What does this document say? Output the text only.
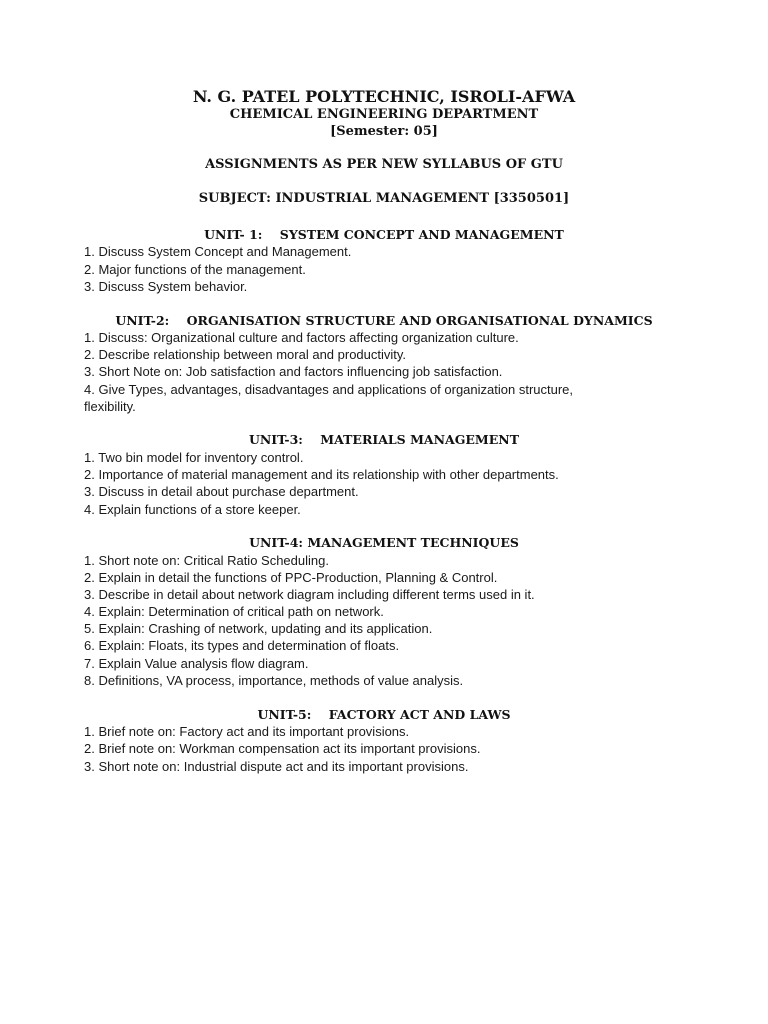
N. G. PATEL POLYTECHNIC, ISROLI-AFWA
CHEMICAL ENGINEERING DEPARTMENT
[Semester: 05]
ASSIGNMENTS AS PER NEW SYLLABUS OF GTU
SUBJECT: INDUSTRIAL MANAGEMENT [3350501]
UNIT- 1:    SYSTEM CONCEPT AND MANAGEMENT
1. Discuss System Concept and Management.
2. Major functions of the management.
3. Discuss System behavior.
UNIT-2:    ORGANISATION STRUCTURE AND ORGANISATIONAL DYNAMICS
1. Discuss: Organizational culture and factors affecting organization culture.
2. Describe relationship between moral and productivity.
3. Short Note on: Job satisfaction and factors influencing job satisfaction.
4. Give Types, advantages, disadvantages and applications of organization structure,
flexibility.
UNIT-3:    MATERIALS MANAGEMENT
1. Two bin model for inventory control.
2. Importance of material management and its relationship with other departments.
3. Discuss in detail about purchase department.
4. Explain functions of a store keeper.
UNIT-4: MANAGEMENT TECHNIQUES
1. Short note on: Critical Ratio Scheduling.
2. Explain in detail the functions of PPC-Production, Planning & Control.
3. Describe in detail about network diagram including different terms used in it.
4. Explain: Determination of critical path on network.
5. Explain: Crashing of network, updating and its application.
6. Explain: Floats, its types and determination of floats.
7. Explain Value analysis flow diagram.
8. Definitions, VA process, importance, methods of value analysis.
UNIT-5:    FACTORY ACT AND LAWS
1. Brief note on: Factory act and its important provisions.
2. Brief note on: Workman compensation act its important provisions.
3. Short note on: Industrial dispute act and its important provisions.
